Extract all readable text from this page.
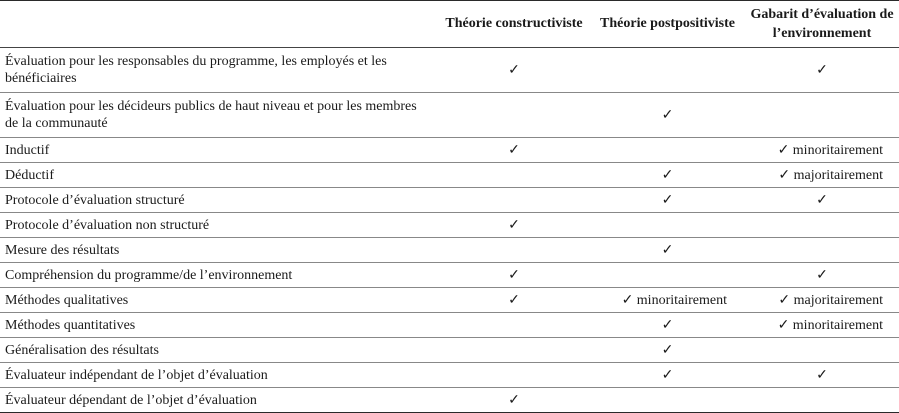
	Théorie constructiviste	Théorie postpositiviste	Gabarit d’évaluation de l’environnement
Évaluation pour les responsables du programme, les employés et les bénéficiaires	✓		✓
Évaluation pour les décideurs publics de haut niveau et pour les membres de la communauté		✓	
Inductif	✓		✓ minoritairement
Déductif		✓	✓ majoritairement
Protocole d’évaluation structuré		✓	✓
Protocole d’évaluation non structuré	✓		
Mesure des résultats		✓	
Compréhension du programme/de l’environnement	✓		✓
Méthodes qualitatives	✓	✓ minoritairement	✓ majoritairement
Méthodes quantitatives		✓	✓ minoritairement
Généralisation des résultats		✓	
Évaluateur indépendant de l’objet d’évaluation		✓	✓
Évaluateur dépendant de l’objet d’évaluation	✓		
